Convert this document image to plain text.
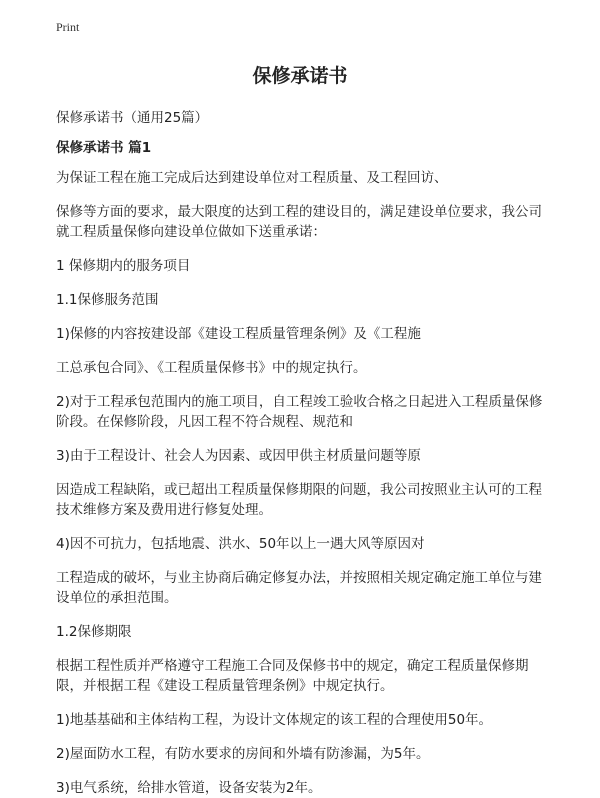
Print
保修承诺书
保修承诺书（通用25篇）
保修承诺书 篇1

为保证工程在施工完成后达到建设单位对工程质量、及工程回访、

保修等方面的要求，最大限度的达到工程的建设目的，满足建设单位要求，我公司就工程质量保修向建设单位做如下送重承诺：

1 保修期内的服务项目

1.1保修服务范围

1)保修的内容按建设部《建设工程质量管理条例》及《工程施

工总承包合同》、《工程质量保修书》中的规定执行。

2)对于工程承包范围内的施工项目，自工程竣工验收合格之日起进入工程质量保修阶段。在保修阶段，凡因工程不符合规程、规范和

3)由于工程设计、社会人为因素、或因甲供主材质量问题等原

因造成工程缺陷，或已超出工程质量保修期限的问题，我公司按照业主认可的工程技术维修方案及费用进行修复处理。

4)因不可抗力，包括地震、洪水、50年以上一遇大风等原因对

工程造成的破坏，与业主协商后确定修复办法，并按照相关规定确定施工单位与建设单位的承担范围。

1.2保修期限

根据工程性质并严格遵守工程施工合同及保修书中的规定，确定工程质量保修期限，并根据工程《建设工程质量管理条例》中规定执行。

1)地基基础和主体结构工程，为设计文体规定的该工程的合理使用50年。

2)屋面防水工程，有防水要求的房间和外墙有防渗漏，为5年。

3)电气系统，给排水管道，设备安装为2年。
